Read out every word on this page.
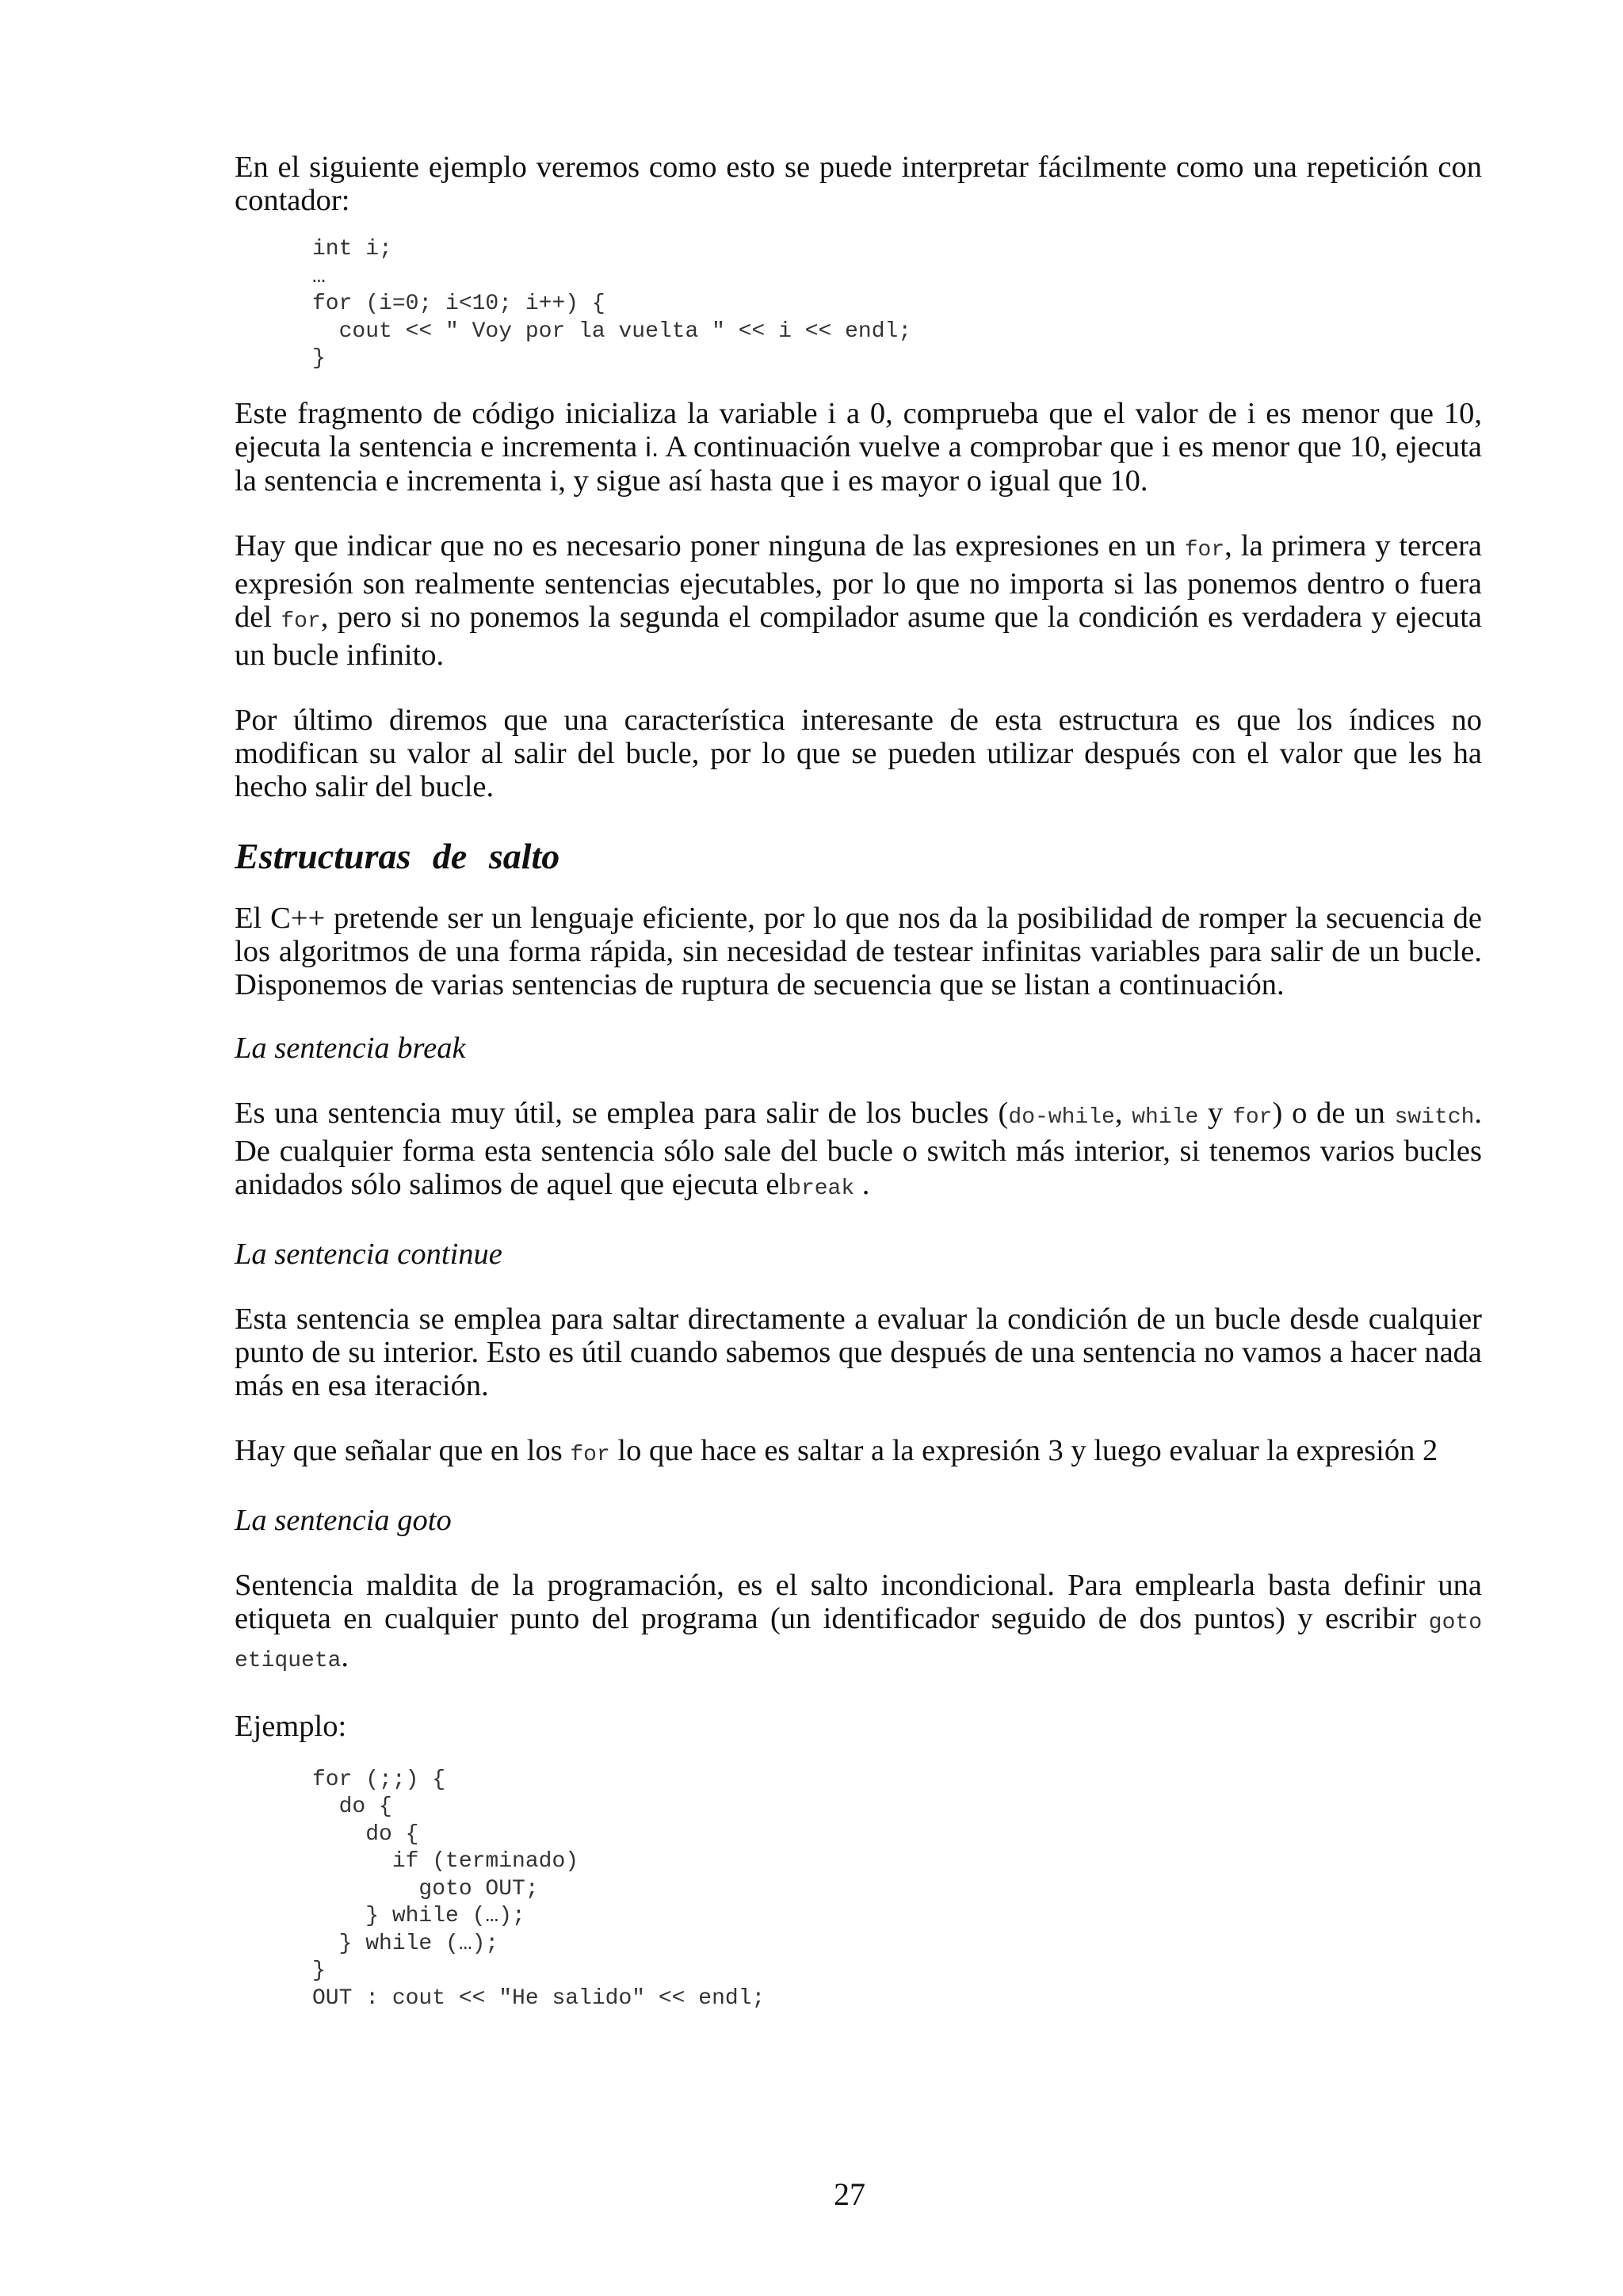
En el siguiente ejemplo veremos como esto se puede interpretar fácilmente como una repetición con contador:

int i;
…
for (i=0; i<10; i++) {
cout << " Voy por la vuelta " << i << endl;
}

Este fragmento de código inicializa la variable i a 0, comprueba que el valor de i es menor que 10, ejecuta la sentencia e incrementa i. A continuación vuelve a comprobar que i es menor que 10, ejecuta la sentencia e incrementa i, y sigue así hasta que i es mayor o igual que 10.

Hay que indicar que no es necesario poner ninguna de las expresiones en un for, la primera y tercera expresión son realmente sentencias ejecutables, por lo que no importa si las ponemos dentro o fuera del for, pero si no ponemos la segunda el compilador asume que la condición es verdadera y ejecuta un bucle infinito.

Por último diremos que una característica interesante de esta estructura es que los índices no modifican su valor al salir del bucle, por lo que se pueden utilizar después con el valor que les ha hecho salir del bucle.

Estructuras de salto

El C++ pretende ser un lenguaje eficiente, por lo que nos da la posibilidad de romper la secuencia de los algoritmos de una forma rápida, sin necesidad de testear infinitas variables para salir de un bucle. Disponemos de varias sentencias de ruptura de secuencia que se listan a continuación.

La sentencia break

Es una sentencia muy útil, se emplea para salir de los bucles (do-while, while y for) o de un switch. De cualquier forma esta sentencia sólo sale del bucle o switch más interior, si tenemos varios bucles anidados sólo salimos de aquel que ejecuta elbreak .

La sentencia continue

Esta sentencia se emplea para saltar directamente a evaluar la condición de un bucle desde cualquier punto de su interior. Esto es útil cuando sabemos que después de una sentencia no vamos a hacer nada más en esa iteración.

Hay que señalar que en los for lo que hace es saltar a la expresión 3 y luego evaluar la expresión 2

La sentencia goto

Sentencia maldita de la programación, es el salto incondicional. Para emplearla basta definir una etiqueta en cualquier punto del programa (un identificador seguido de dos puntos) y escribir goto etiqueta.

Ejemplo:

for (;;) {
do {
do {
if (terminado)
goto OUT;
} while (…);
} while (…);
}
OUT : cout << "He salido" << endl;
27
